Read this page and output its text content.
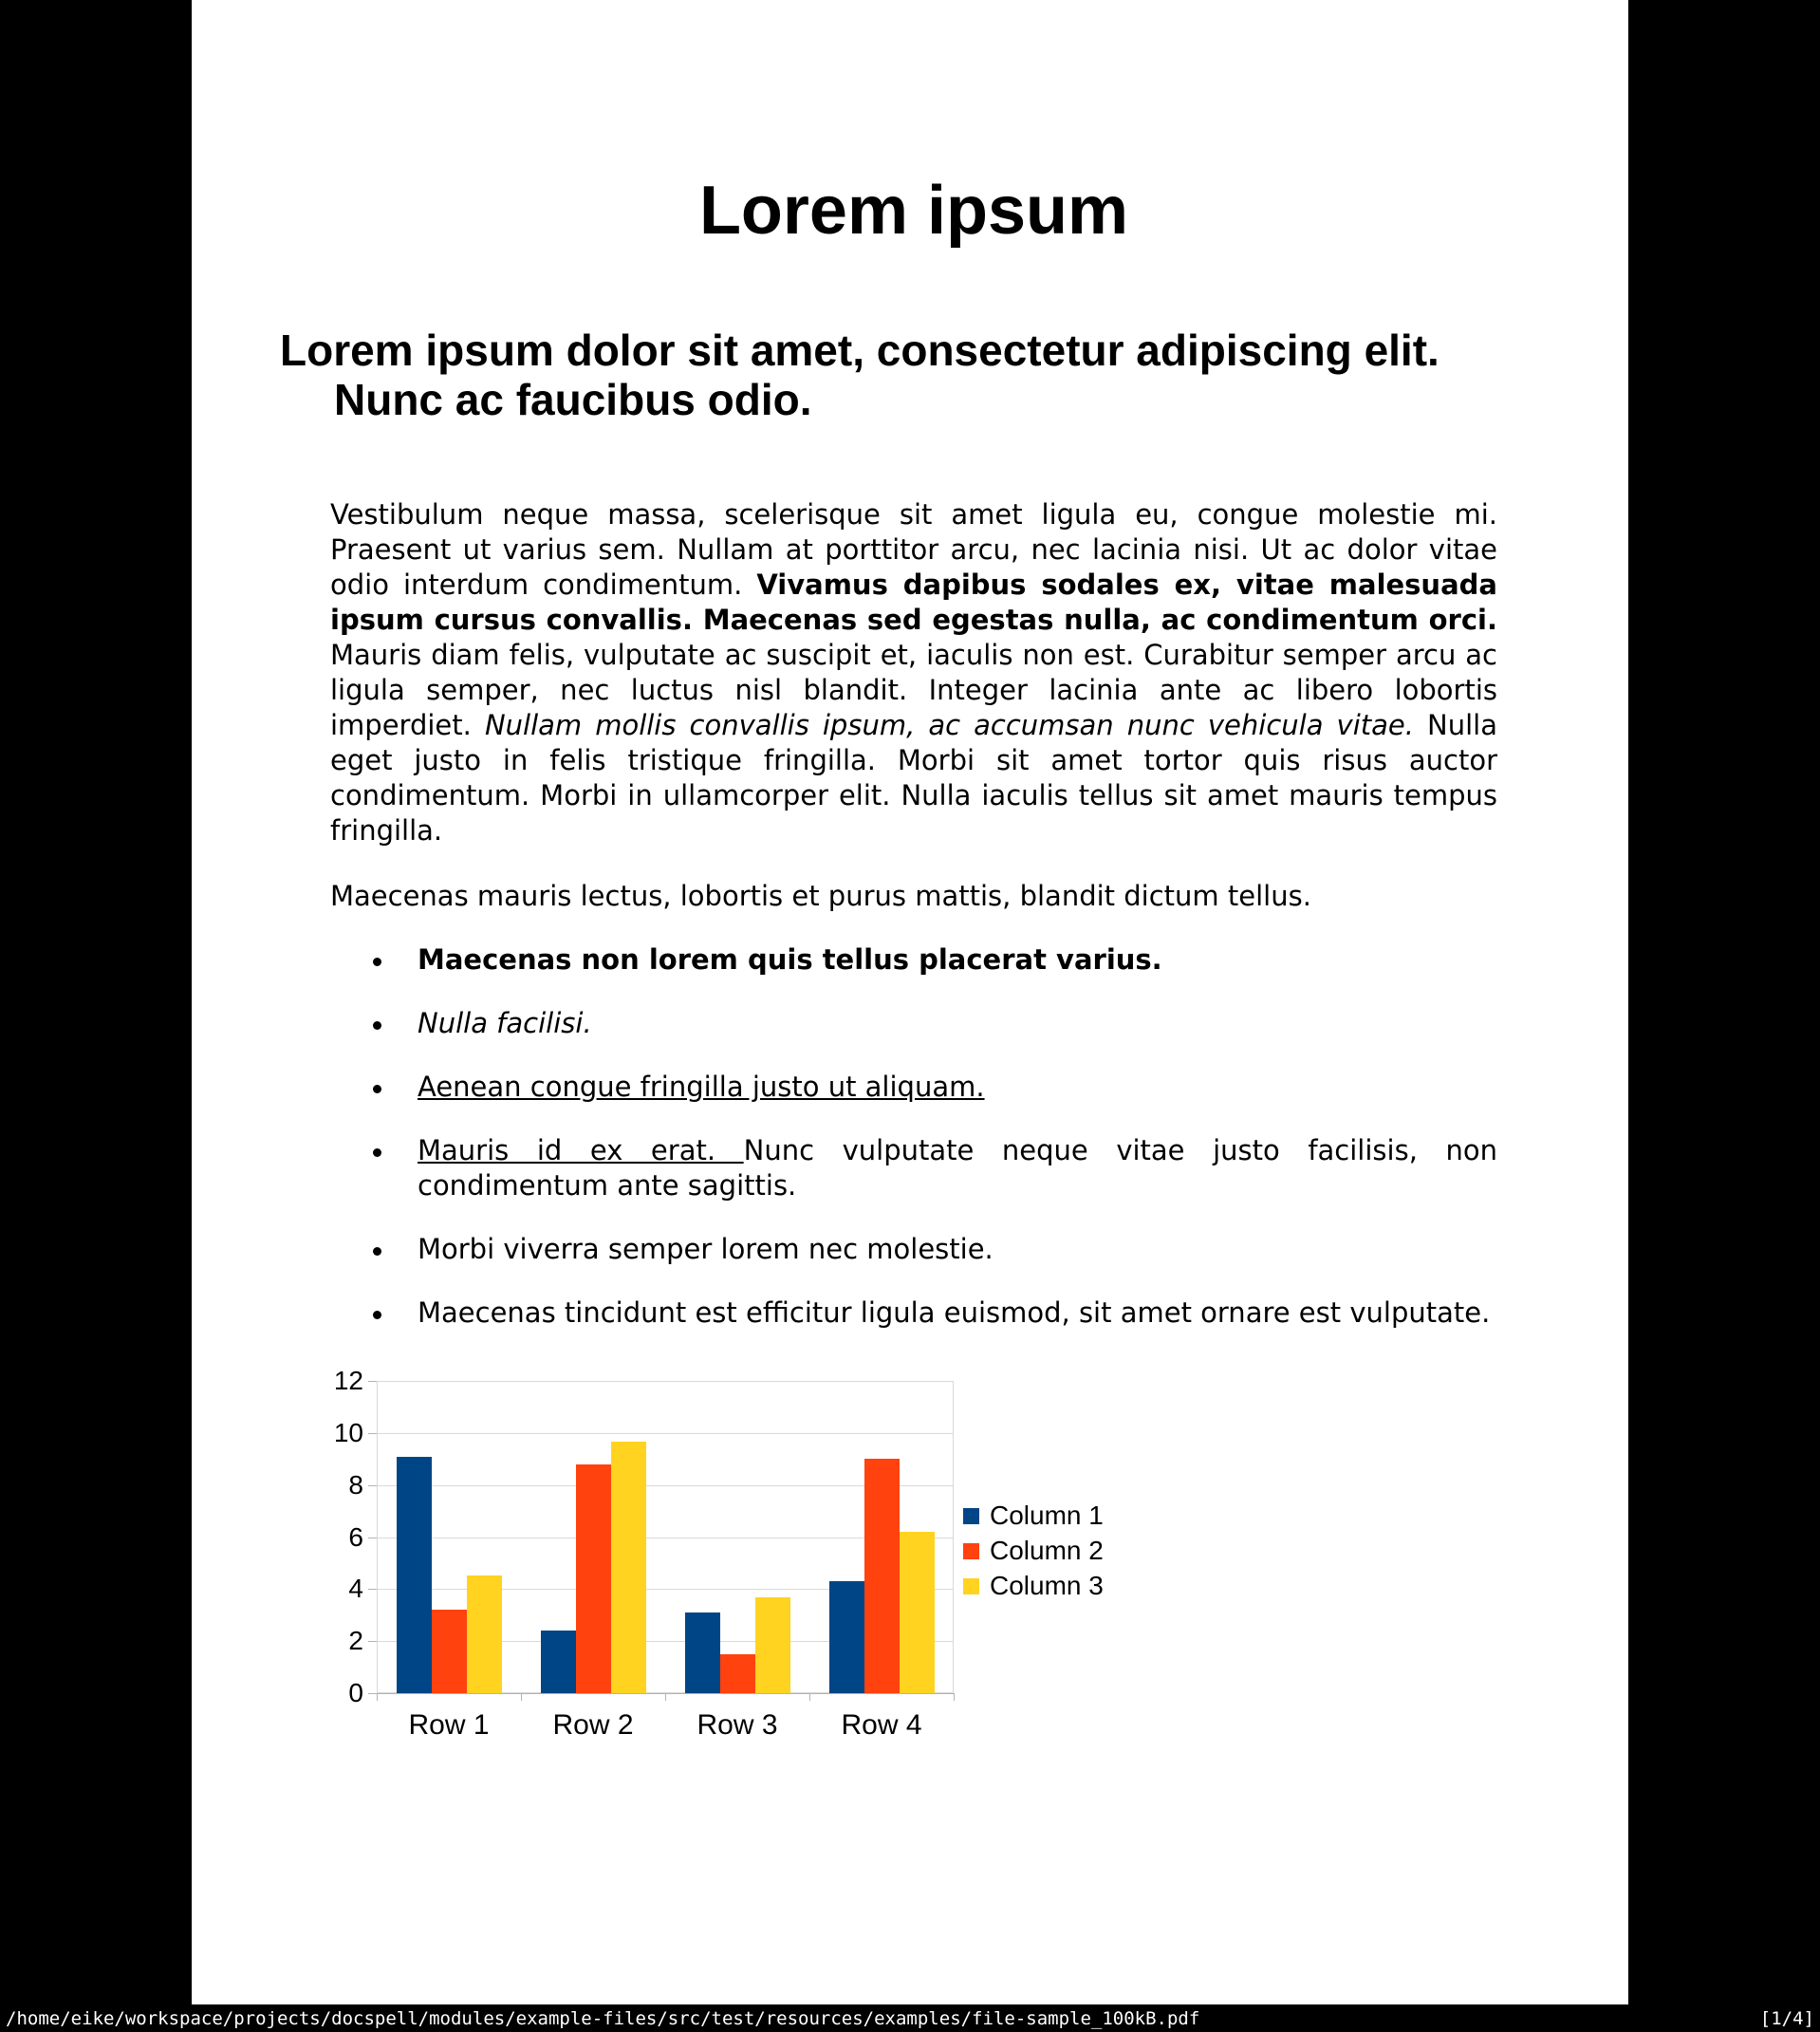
Lorem ipsum
Lorem ipsum dolor sit amet, consectetur adipiscing elit.
Nunc ac faucibus odio.

Vestibulum neque massa, scelerisque sit amet ligula eu, congue molestie mi. Praesent ut varius sem. Nullam at porttitor arcu, nec lacinia nisi. Ut ac dolor vitae odio interdum condimentum. Vivamus dapibus sodales ex, vitae malesuada ipsum cursus convallis. Maecenas sed egestas nulla, ac condimentum orci. Mauris diam felis, vulputate ac suscipit et, iaculis non est. Curabitur semper arcu ac ligula semper, nec luctus nisl blandit. Integer lacinia ante ac libero lobortis imperdiet. Nullam mollis convallis ipsum, ac accumsan nunc vehicula vitae. Nulla eget justo in felis tristique fringilla. Morbi sit amet tortor quis risus auctor condimentum. Morbi in ullamcorper elit. Nulla iaculis tellus sit amet mauris tempus fringilla.

Maecenas mauris lectus, lobortis et purus mattis, blandit dictum tellus.

Maecenas non lorem quis tellus placerat varius.
Nulla facilisi.
Aenean congue fringilla justo ut aliquam.
Mauris id ex erat. Nunc vulputate neque vitae justo facilisis, non condimentum ante sagittis.
Morbi viverra semper lorem nec molestie.
Maecenas tincidunt est efficitur ligula euismod, sit amet ornare est vulputate.
0
2
4
6
8
10
12
Row 1	Row 2	Row 3	Row 4
Column 1
Column 2
Column 3
/home/eike/workspace/projects/docspell/modules/example-files/src/test/resources/examples/file-sample_100kB.pdf	[1/4]
